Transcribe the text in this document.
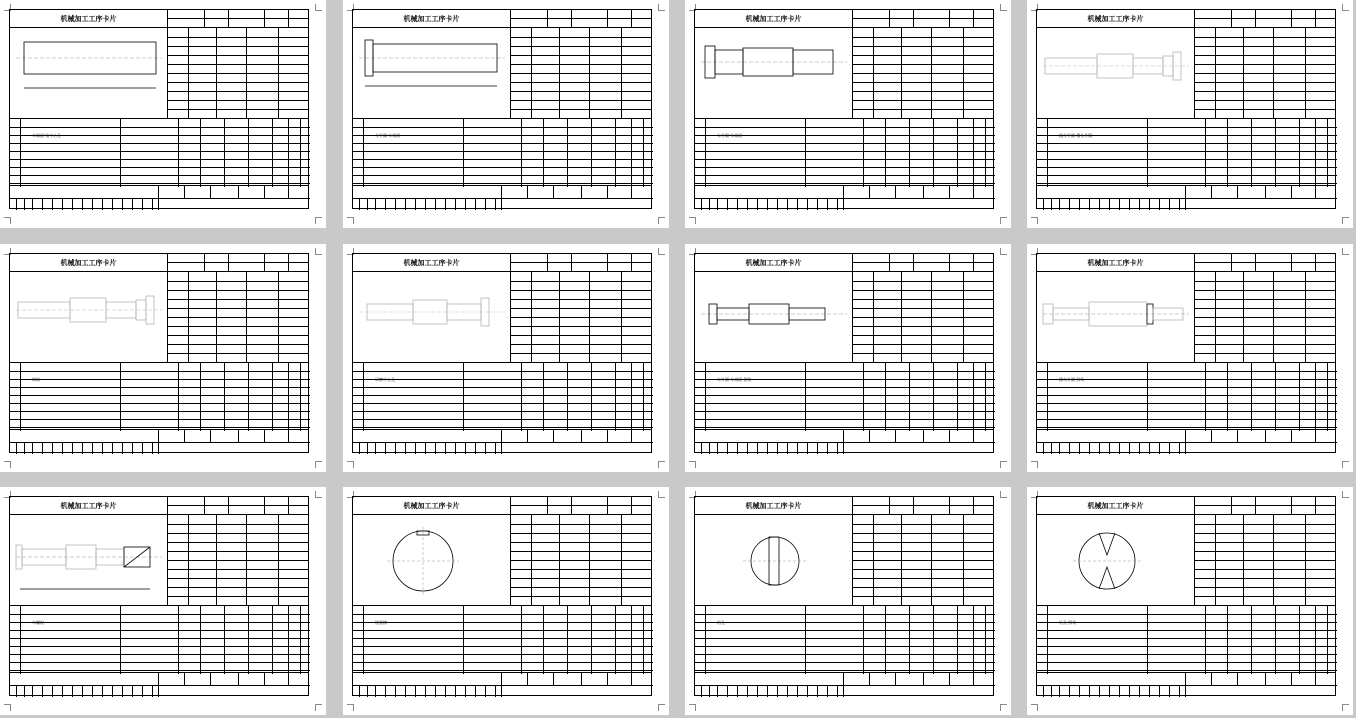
机械加工工序卡片
车端面 钻中心孔
机械加工工序卡片
车外圆 车端面
机械加工工序卡片
车外圆 车端面
机械加工工序卡片
粗车外圆 精车外圆
机械加工工序卡片
调质
机械加工工序卡片
研磨中心孔
机械加工工序卡片
车外圆 车端面 倒角
机械加工工序卡片
精车外圆 倒角
机械加工工序卡片
车螺纹
机械加工工序卡片
铣键槽
机械加工工序卡片
钻孔
机械加工工序卡片
钻孔 倒角
